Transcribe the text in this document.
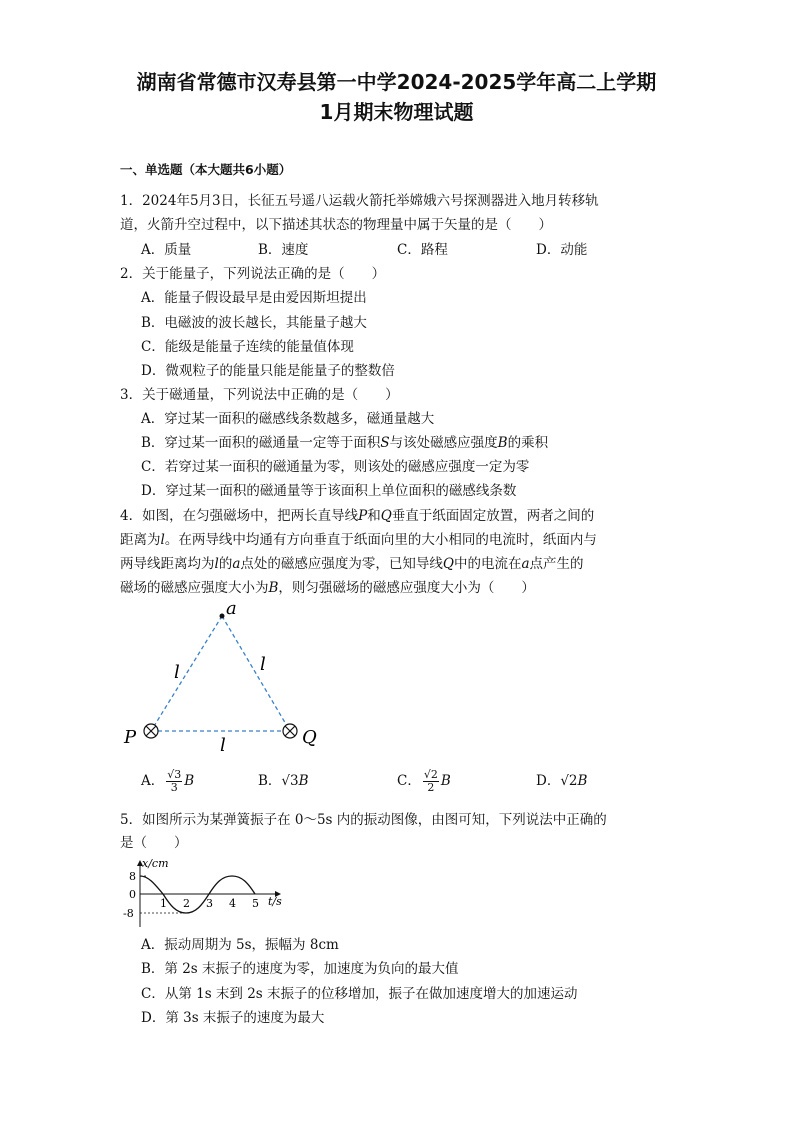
湖南省常德市汉寿县第一中学2024-2025学年高二上学期
1月期末物理试题
一、单选题（本大题共6小题）
1．2024年5月3日，长征五号遥八运载火箭托举嫦娥六号探测器进入地月转移轨
道，火箭升空过程中，以下描述其状态的物理量中属于矢量的是（　　）
A．质量	B．速度	C．路程	D．动能
2．关于能量子，下列说法正确的是（　　）
A．能量子假设最早是由爱因斯坦提出
B．电磁波的波长越长，其能量子越大
C．能级是能量子连续的能量值体现
D．微观粒子的能量只能是能量子的整数倍
3．关于磁通量，下列说法中正确的是（　　）
A．穿过某一面积的磁感线条数越多，磁通量越大
B．穿过某一面积的磁通量一定等于面积S与该处磁感应强度B的乘积
C．若穿过某一面积的磁通量为零，则该处的磁感应强度一定为零
D．穿过某一面积的磁通量等于该面积上单位面积的磁感线条数
4．如图，在匀强磁场中，把两长直导线P和Q垂直于纸面固定放置，两者之间的
距离为l。在两导线中均通有方向垂直于纸面向里的大小相同的电流时，纸面内与
两导线距离均为l的a点处的磁感应强度为零，已知导线Q中的电流在a点产生的
磁场的磁感应强度大小为B，则匀强磁场的磁感应强度大小为（　　）
a
l	l
l
P	Q
A． $\frac{√3}{3}$ B	B．√3B	C． $\frac{√2}{2}$ B	D．√2B
5．如图所示为某弹簧振子在 0～5s 内的振动图像，由图可知，下列说法中正确的
是（　　）
x/cm
t/s
8
0
-8
1 2 3 4 5
A．振动周期为 5s，振幅为 8cm
B．第 2s 末振子的速度为零，加速度为负向的最大值
C．从第 1s 末到 2s 末振子的位移增加，振子在做加速度增大的加速运动
D．第 3s 末振子的速度为最大
